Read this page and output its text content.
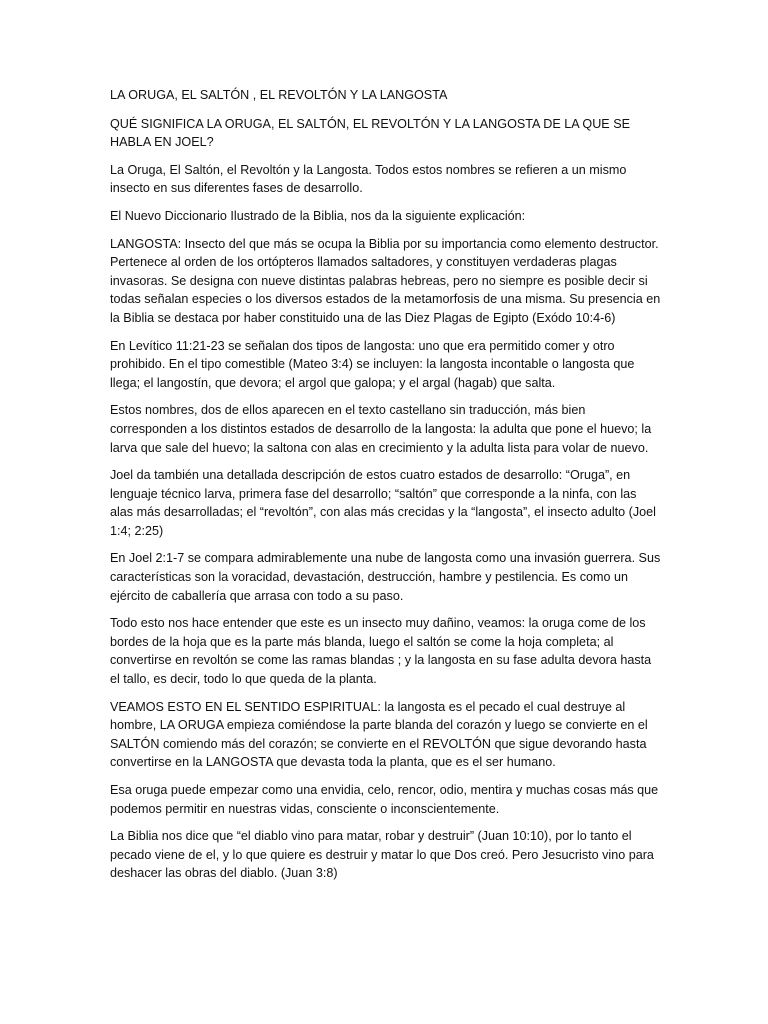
LA ORUGA, EL SALTÓN , EL REVOLTÓN Y LA LANGOSTA

QUÉ SIGNIFICA LA ORUGA, EL SALTÓN, EL REVOLTÓN Y LA LANGOSTA DE LA QUE SE HABLA EN JOEL?

La Oruga, El Saltón, el Revoltón y la Langosta. Todos estos nombres se refieren a un mismo insecto en sus diferentes fases de desarrollo.

El Nuevo Diccionario Ilustrado de la Biblia, nos da la siguiente explicación:

LANGOSTA: Insecto del que más se ocupa la Biblia por su importancia como elemento destructor. Pertenece al orden de los ortópteros llamados saltadores, y constituyen verdaderas plagas invasoras. Se designa con nueve distintas palabras hebreas, pero no siempre es posible decir si todas señalan especies o los diversos estados de la metamorfosis de una misma. Su presencia en la Biblia se destaca por haber constituido una de las Diez Plagas de Egipto (Exódo 10:4-6)

En Levítico 11:21-23 se señalan dos tipos de langosta: uno que era permitido comer y otro prohibido. En el tipo comestible (Mateo 3:4) se incluyen: la langosta incontable o langosta que llega; el langostín, que devora; el argol que galopa; y el argal (hagab) que salta.

Estos nombres, dos de ellos aparecen en el texto castellano sin traducción, más bien corresponden a los distintos estados de desarrollo de la langosta: la adulta que pone el huevo; la larva que sale del huevo; la saltona con alas en crecimiento y la adulta lista para volar de nuevo.

Joel da también una detallada descripción de estos cuatro estados de desarrollo: “Oruga”, en lenguaje técnico larva, primera fase del desarrollo; “saltón” que corresponde a la ninfa, con las alas más desarrolladas; el “revoltón”, con alas más crecidas y la “langosta”, el insecto adulto (Joel 1:4; 2:25)

En Joel 2:1-7 se compara admirablemente una nube de langosta como una invasión guerrera. Sus características son la voracidad, devastación, destrucción, hambre y pestilencia. Es como un ejército de caballería que arrasa con todo a su paso.

Todo esto nos hace entender que este es un insecto muy dañino, veamos: la oruga come de los bordes de la hoja que es la parte más blanda, luego el saltón se come la hoja completa; al convertirse en revoltón se come las ramas blandas ; y la langosta en su fase adulta devora hasta el tallo, es decir, todo lo que queda de la planta.

VEAMOS ESTO EN EL SENTIDO ESPIRITUAL: la langosta es el pecado el cual destruye al hombre, LA ORUGA empieza comiéndose la parte blanda del corazón y luego se convierte en el SALTÓN comiendo más del corazón; se convierte en el REVOLTÓN que sigue devorando hasta convertirse en la LANGOSTA que devasta toda la planta, que es el ser humano.

Esa oruga puede empezar como una envidia, celo, rencor, odio, mentira y muchas cosas más que podemos permitir en nuestras vidas, consciente o inconscientemente.

La Biblia nos dice que “el diablo vino para matar, robar y destruir” (Juan 10:10), por lo tanto el pecado viene de el, y lo que quiere es destruir y matar lo que Dos creó. Pero Jesucristo vino para deshacer las obras del diablo. (Juan 3:8)
